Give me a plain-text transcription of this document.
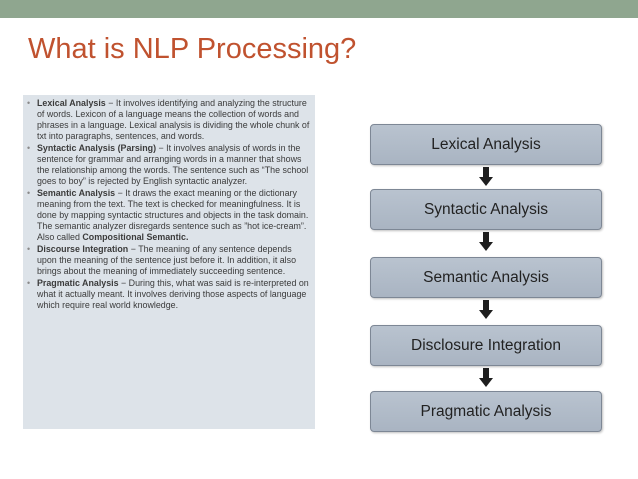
What is NLP Processing?
• Lexical Analysis − It involves identifying and analyzing the structure of words. Lexicon of a language means the collection of words and phrases in a language. Lexical analysis is dividing the whole chunk of txt into paragraphs, sentences, and words.
• Syntactic Analysis (Parsing) − It involves analysis of words in the sentence for grammar and arranging words in a manner that shows the relationship among the words. The sentence such as “The school goes to boy” is rejected by English syntactic analyzer.
• Semantic Analysis − It draws the exact meaning or the dictionary meaning from the text. The text is checked for meaningfulness. It is done by mapping syntactic structures and objects in the task domain. The semantic analyzer disregards sentence such as ”hot ice-cream”. Also called Compositional Semantic.
• Discourse Integration − The meaning of any sentence depends upon the meaning of the sentence just before it. In addition, it also brings about the meaning of immediately succeeding sentence.
• Pragmatic Analysis − During this, what was said is re-interpreted on what it actually meant. It involves deriving those aspects of language which require real world knowledge.
Lexical Analysis
Syntactic Analysis
Semantic Analysis
Disclosure Integration
Pragmatic Analysis
